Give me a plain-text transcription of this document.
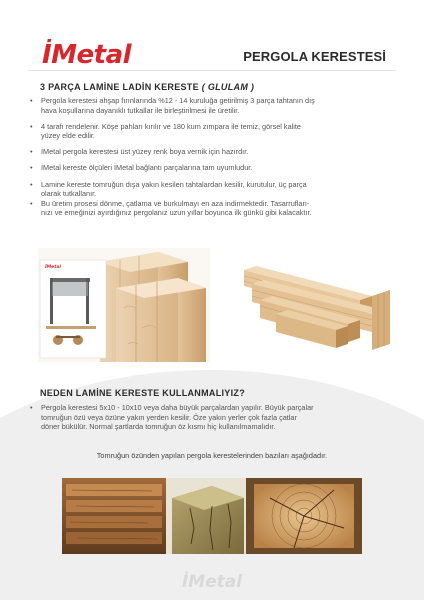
İMetal	PERGOLA KERESTESİ
3 PARÇA LAMİNE LADİN KERESTE ( GLULAM )
•	Pergola kerestesi ahşap fırınlarında %12 - 14 kuruluğa getirilmiş 3 parça tahtanın dış
hava koşullarına dayanıklı tutkallar ile birleştirilmesi ile üretilir.
•	4 tarafı rendelenir. Köşe pahları kırılır ve 180 kum zımpara ile temiz, görsel kalite
yüzey elde edilir.
•	İMetal pergola kerestesi üst yüzey renk boya vernik için hazırdır.
•	İMetal kereste ölçüleri İMetal bağlantı parçalarına tam uyumludur.
•	Lamine kereste tomruğun dışa yakın kesilen tahtalardan kesilir, kurutulur, üç parça
olarak tutkallanır.
•	Bu üretim prosesi dönme, çatlama ve burkulmayı en aza indirmektedir. Tasarrufları-
nızı ve emeğinizi ayırdığınız pergolanız uzun yıllar boyunca ilk günkü gibi kalacaktır.
İMetal
NEDEN LAMİNE KERESTE KULLANMALIYIZ?
•	Pergola kerestesi 5x10 - 10x10 veya daha büyük parçalardan yapılır. Büyük parçalar
tomruğun özü veya özüne yakın yerden kesilir. Öze yakın yerler çok fazla çatlar
döner bükülür. Normal şartlarda tomruğun öz kısmı hiç kullanılmamalıdır.
Tomruğun özünden yapılan pergola kerestelerinden bazıları aşağıdadır.
İMetal
